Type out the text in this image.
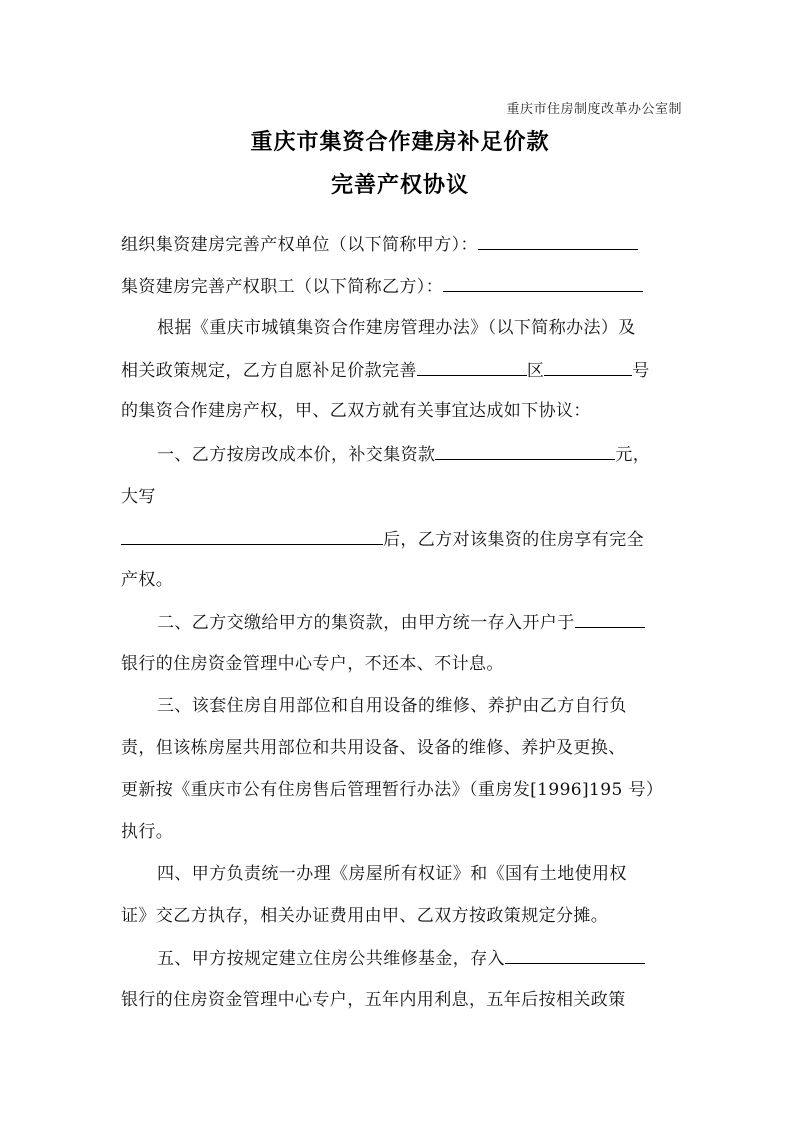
重庆市住房制度改革办公室制
重庆市集资合作建房补足价款
完善产权协议
组织集资建房完善产权单位（以下简称甲方）：
集资建房完善产权职工（以下简称乙方）：
根据《重庆市城镇集资合作建房管理办法》（以下简称办法）及
相关政策规定，乙方自愿补足价款完善	区	号
的集资合作建房产权，甲、乙双方就有关事宜达成如下协议：
一、乙方按房改成本价，补交集资款	元，
大写
后，乙方对该集资的住房享有完全
产权。
二、乙方交缴给甲方的集资款，由甲方统一存入开户于
银行的住房资金管理中心专户，不还本、不计息。
三、该套住房自用部位和自用设备的维修、养护由乙方自行负
责，但该栋房屋共用部位和共用设备、设备的维修、养护及更换、
更新按《重庆市公有住房售后管理暂行办法》（重房发[1996]195 号）
执行。
四、甲方负责统一办理《房屋所有权证》和《国有土地使用权
证》交乙方执存，相关办证费用由甲、乙双方按政策规定分摊。
五、甲方按规定建立住房公共维修基金，存入
银行的住房资金管理中心专户，五年内用利息，五年后按相关政策
